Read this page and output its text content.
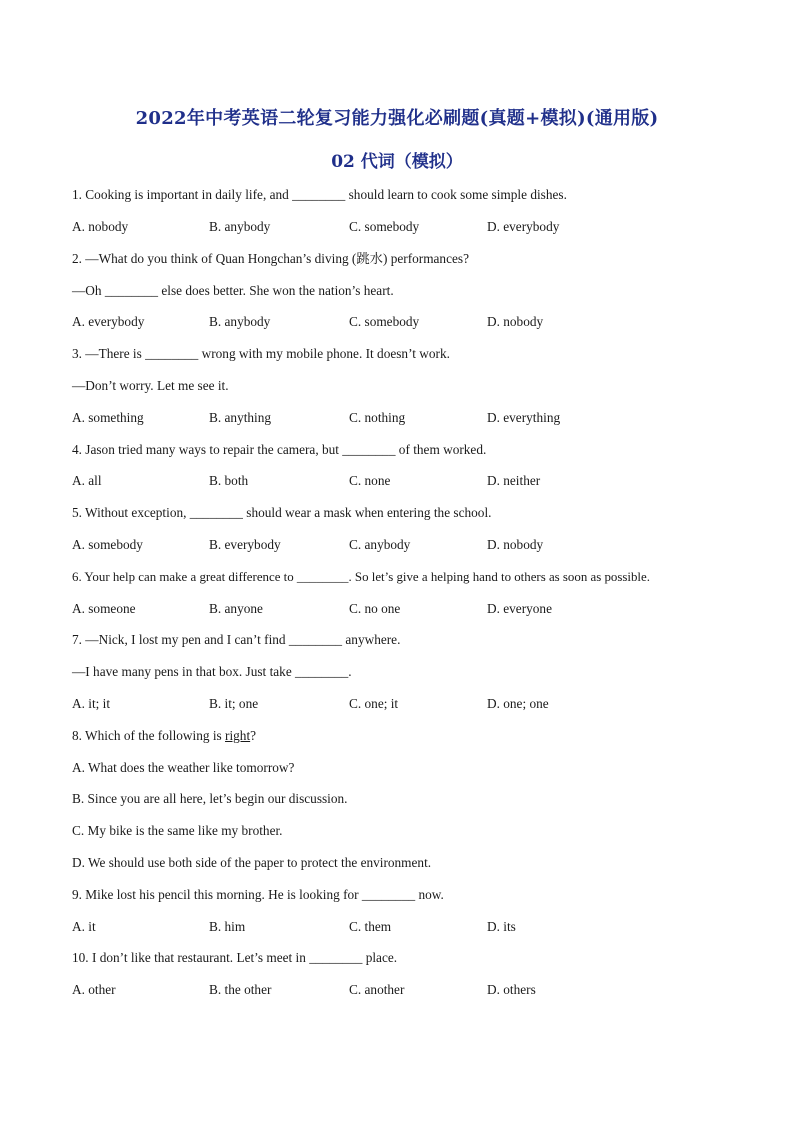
2022年中考英语二轮复习能力强化必刷题(真题+模拟)(通用版)
02 代词（模拟）
1. Cooking is important in daily life, and ________ should learn to cook some simple dishes.
A. nobody	B. anybody	C. somebody	D. everybody
2. —What do you think of Quan Hongchan’s diving (跳水) performances?
—Oh ________ else does better. She won the nation’s heart.
A. everybody	B. anybody	C. somebody	D. nobody
3. —There is ________ wrong with my mobile phone. It doesn’t work.
—Don’t worry. Let me see it.
A. something	B. anything	C. nothing	D. everything
4. Jason tried many ways to repair the camera, but ________ of them worked.
A. all	B. both	C. none	D. neither
5. Without exception, ________ should wear a mask when entering the school.
A. somebody	B. everybody	C. anybody	D. nobody
6. Your help can make a great difference to ________. So let’s give a helping hand to others as soon as possible.
A. someone	B. anyone	C. no one	D. everyone
7. —Nick, I lost my pen and I can’t find ________ anywhere.
—I have many pens in that box. Just take ________.
A. it; it	B. it; one	C. one; it	D. one; one
8. Which of the following is right?
A. What does the weather like tomorrow?
B. Since you are all here, let’s begin our discussion.
C. My bike is the same like my brother.
D. We should use both side of the paper to protect the environment.
9. Mike lost his pencil this morning. He is looking for ________ now.
A. it	B. him	C. them	D. its
10. I don’t like that restaurant. Let’s meet in ________ place.
A. other	B. the other	C. another	D. others
